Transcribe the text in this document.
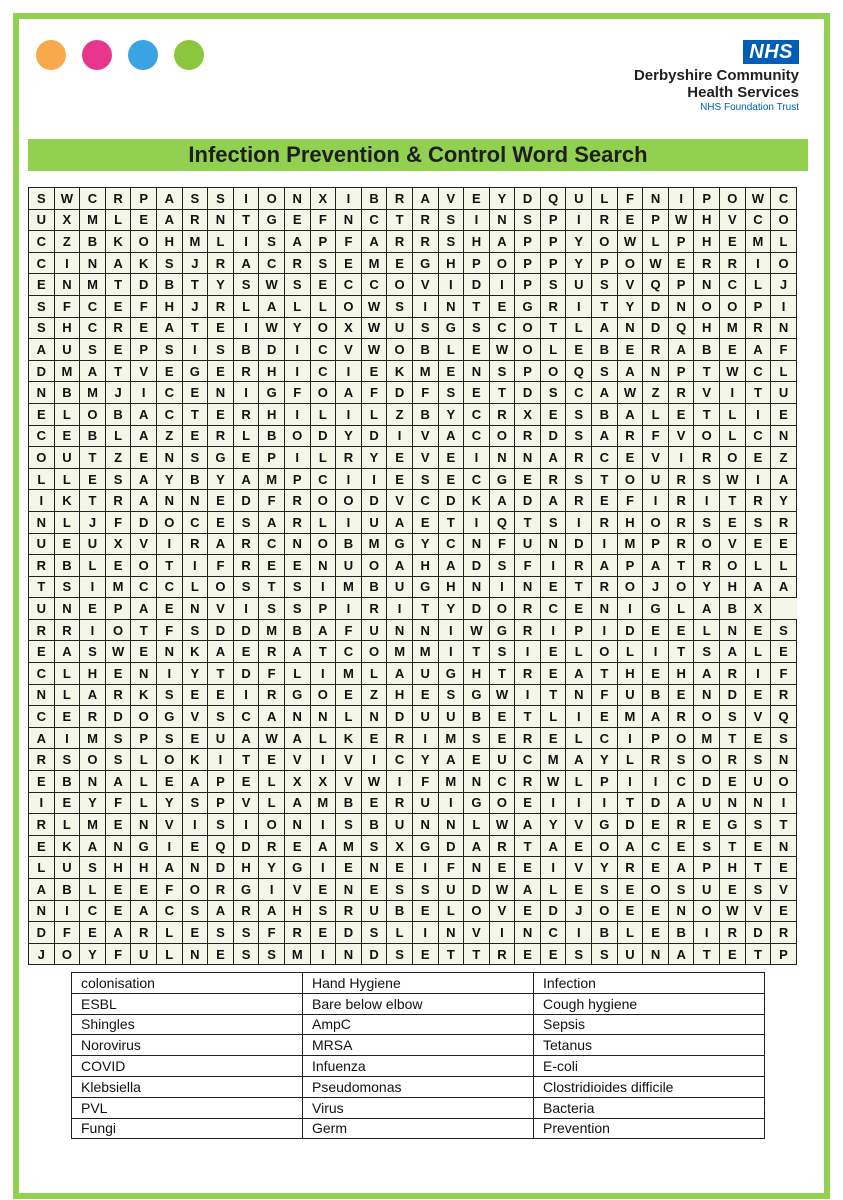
NHS
Derbyshire Community
Health Services
NHS Foundation Trust
Infection Prevention & Control Word Search
S	W	C	R	P	A	S	S	I	O	N	X	I	B	R	A	V	E	Y	D	Q	U	L	F	N	I	P	O	W	C
U	X	M	L	E	A	R	N	T	G	E	F	N	C	T	R	S	I	N	S	P	I	R	E	P	W	H	V	C	O
C	Z	B	K	O	H	M	L	I	S	A	P	F	A	R	R	S	H	A	P	P	Y	O	W	L	P	H	E	M	L
C	I	N	A	K	S	J	R	A	C	R	S	E	M	E	G	H	P	O	P	P	Y	P	O	W	E	R	R	I	O
E	N	M	T	D	B	T	Y	S	W	S	E	C	C	O	V	I	D	I	P	S	U	S	V	Q	P	N	C	L	J
S	F	C	E	F	H	J	R	L	A	L	L	O	W	S	I	N	T	E	G	R	I	T	Y	D	N	O	O	P	I
S	H	C	R	E	A	T	E	I	W	Y	O	X	W	U	S	G	S	C	O	T	L	A	N	D	Q	H	M	R	N
A	U	S	E	P	S	I	S	B	D	I	C	V	W	O	B	L	E	W	O	L	E	B	E	R	A	B	E	A	F
D	M	A	T	V	E	G	E	R	H	I	C	I	E	K	M	E	N	S	P	O	Q	S	A	N	P	T	W	C	L
N	B	M	J	I	C	E	N	I	G	F	O	A	F	D	F	S	E	T	D	S	C	A	W	Z	R	V	I	T	U
E	L	O	B	A	C	T	E	R	H	I	L	I	L	Z	B	Y	C	R	X	E	S	B	A	L	E	T	L	I	E
C	E	B	L	A	Z	E	R	L	B	O	D	Y	D	I	V	A	C	O	R	D	S	A	R	F	V	O	L	C	N
O	U	T	Z	E	N	S	G	E	P	I	L	R	Y	E	V	E	I	N	N	A	R	C	E	V	I	R	O	E	Z
L	L	E	S	A	Y	B	Y	A	M	P	C	I	I	E	S	E	C	G	E	R	S	T	O	U	R	S	W	I	A
I	K	T	R	A	N	N	E	D	F	R	O	O	D	V	C	D	K	A	D	A	R	E	F	I	R	I	T	R	Y
N	L	J	F	D	O	C	E	S	A	R	L	I	U	A	E	T	I	Q	T	S	I	R	H	O	R	S	E	S	R
U	E	U	X	V	I	R	A	R	C	N	O	B	M	G	Y	C	N	F	U	N	D	I	M	P	R	O	V	E	E
R	B	L	E	O	T	I	F	R	E	E	N	U	O	A	H	A	D	S	F	I	R	A	P	A	T	R	O	L	L
T	S	I	M	C	C	L	O	S	T	S	I	M	B	U	G	H	N	I	N	E	T	R	O	J	O	Y	H	A	A
U	N	E	P	A	E	N	V	I	S	S	P	I	R	I	T	Y	D	O	R	C	E	N	I	G	L	A	B	X	
R	R	I	O	T	F	S	D	D	M	B	A	F	U	N	N	I	W	G	R	I	P	I	D	E	E	L	N	E	S
E	A	S	W	E	N	K	A	E	R	A	T	C	O	M	M	I	T	S	I	E	L	O	L	I	T	S	A	L	E
C	L	H	E	N	I	Y	T	D	F	L	I	M	L	A	U	G	H	T	R	E	A	T	H	E	H	A	R	I	F
N	L	A	R	K	S	E	E	I	R	G	O	E	Z	H	E	S	G	W	I	T	N	F	U	B	E	N	D	E	R
C	E	R	D	O	G	V	S	C	A	N	N	L	N	D	U	U	B	E	T	L	I	E	M	A	R	O	S	V	Q
A	I	M	S	P	S	E	U	A	W	A	L	K	E	R	I	M	S	E	R	E	L	C	I	P	O	M	T	E	S
R	S	O	S	L	O	K	I	T	E	V	I	V	I	C	Y	A	E	U	C	M	A	Y	L	R	S	O	R	S	N
E	B	N	A	L	E	A	P	E	L	X	X	V	W	I	F	M	N	C	R	W	L	P	I	I	C	D	E	U	O
I	E	Y	F	L	Y	S	P	V	L	A	M	B	E	R	U	I	G	O	E	I	I	I	T	D	A	U	N	N	I
R	L	M	E	N	V	I	S	I	O	N	I	S	B	U	N	N	L	W	A	Y	V	G	D	E	R	E	G	S	T
E	K	A	N	G	I	E	Q	D	R	E	A	M	S	X	G	D	A	R	T	A	E	O	A	C	E	S	T	E	N
L	U	S	H	H	A	N	D	H	Y	G	I	E	N	E	I	F	N	E	E	I	V	Y	R	E	A	P	H	T	E
A	B	L	E	E	F	O	R	G	I	V	E	N	E	S	S	U	D	W	A	L	E	S	E	O	S	U	E	S	V
N	I	C	E	A	C	S	A	R	A	H	S	R	U	B	E	L	O	V	E	D	J	O	E	E	N	O	W	V	E
D	F	E	A	R	L	E	S	S	F	R	E	D	S	L	I	N	V	I	N	C	I	B	L	E	B	I	R	D	R
J	O	Y	F	U	L	N	E	S	S	M	I	N	D	S	E	T	T	R	E	E	S	S	U	N	A	T	E	T	P
colonisation	Hand Hygiene	Infection
ESBL	Bare below elbow	Cough hygiene
Shingles	AmpC	Sepsis
Norovirus	MRSA	Tetanus
COVID	Infuenza	E-coli
Klebsiella	Pseudomonas	Clostridioides difficile
PVL	Virus	Bacteria
Fungi	Germ	Prevention
